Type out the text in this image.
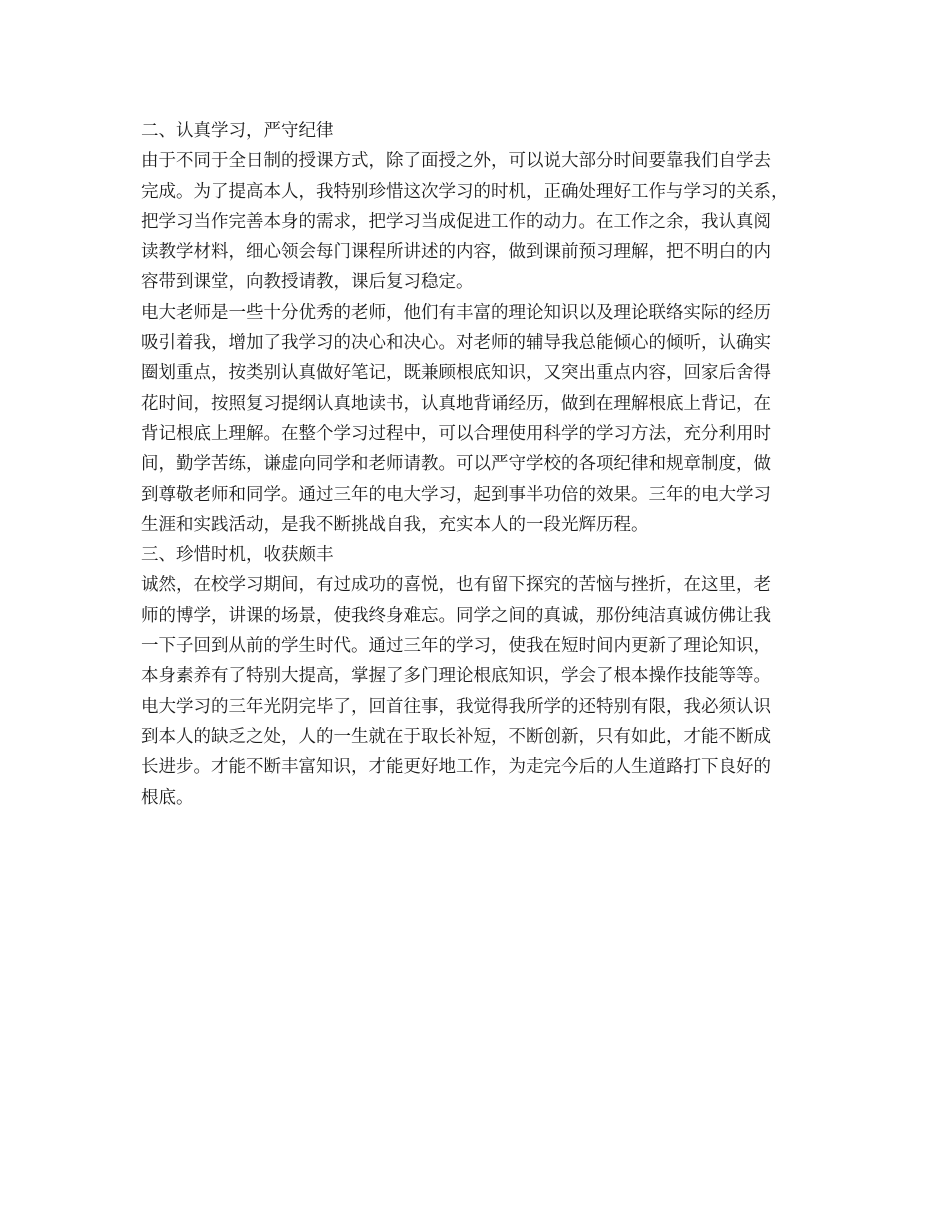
二、认真学习，严守纪律
由于不同于全日制的授课方式，除了面授之外，可以说大部分时间要靠我们自学去
完成。为了提高本人，我特别珍惜这次学习的时机，正确处理好工作与学习的关系，
把学习当作完善本身的需求，把学习当成促进工作的动力。在工作之余，我认真阅
读教学材料，细心领会每门课程所讲述的内容，做到课前预习理解，把不明白的内
容带到课堂，向教授请教，课后复习稳定。
电大老师是一些十分优秀的老师，他们有丰富的理论知识以及理论联络实际的经历
吸引着我，增加了我学习的决心和决心。对老师的辅导我总能倾心的倾听，认确实
圈划重点，按类别认真做好笔记，既兼顾根底知识，又突出重点内容，回家后舍得
花时间，按照复习提纲认真地读书，认真地背诵经历，做到在理解根底上背记，在
背记根底上理解。在整个学习过程中，可以合理使用科学的学习方法，充分利用时
间，勤学苦练，谦虚向同学和老师请教。可以严守学校的各项纪律和规章制度，做
到尊敬老师和同学。通过三年的电大学习，起到事半功倍的效果。三年的电大学习
生涯和实践活动，是我不断挑战自我，充实本人的一段光辉历程。
三、珍惜时机，收获颇丰
诚然，在校学习期间，有过成功的喜悦，也有留下探究的苦恼与挫折，在这里，老
师的博学，讲课的场景，使我终身难忘。同学之间的真诚，那份纯洁真诚仿佛让我
一下子回到从前的学生时代。通过三年的学习，使我在短时间内更新了理论知识，
本身素养有了特别大提高，掌握了多门理论根底知识，学会了根本操作技能等等。
电大学习的三年光阴完毕了，回首往事，我觉得我所学的还特别有限，我必须认识
到本人的缺乏之处，人的一生就在于取长补短，不断创新，只有如此，才能不断成
长进步。才能不断丰富知识，才能更好地工作，为走完今后的人生道路打下良好的
根底。
